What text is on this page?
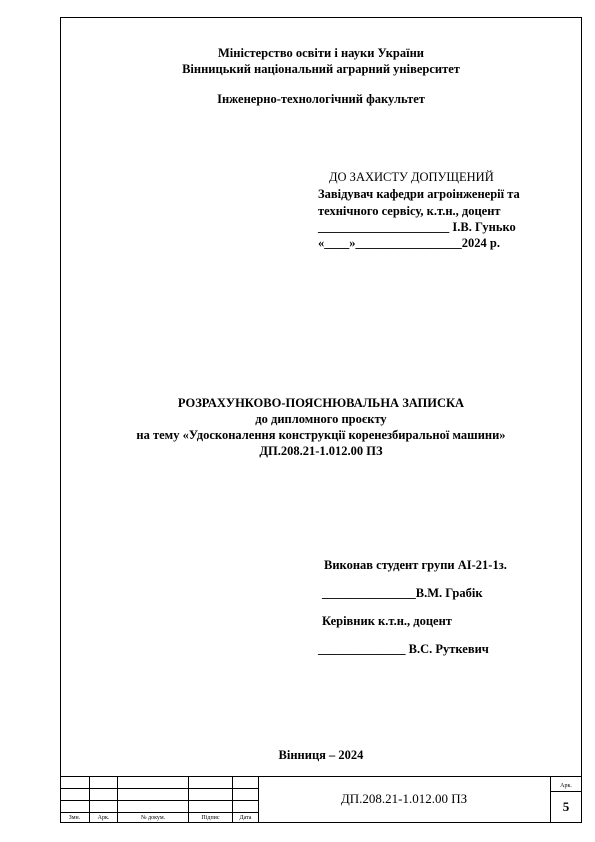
Міністерство освіти і науки України
Вінницький національний аграрний університет
Інженерно-технологічний факультет
ДО ЗАХИСТУ ДОПУЩЕНИЙ
Завідувач кафедри агроінженерії та
технічного сервісу, к.т.н., доцент
_____________________ І.В. Гунько
«____»_________________2024 р.
РОЗРАХУНКОВО-ПОЯСНЮВАЛЬНА ЗАПИСКА
до дипломного проєкту
на тему «Удосконалення конструкції коренезбиральної машини»
ДП.208.21-1.012.00 ПЗ
Виконав студент групи АІ-21-1з.
_______________В.М. Грабік
Керівник к.т.н., доцент
______________ В.С. Руткевич
Вінниця – 2024
Змн.	Арк.	№ докум.	Підпис	Дата
ДП.208.21-1.012.00 ПЗ
Арк.
5
